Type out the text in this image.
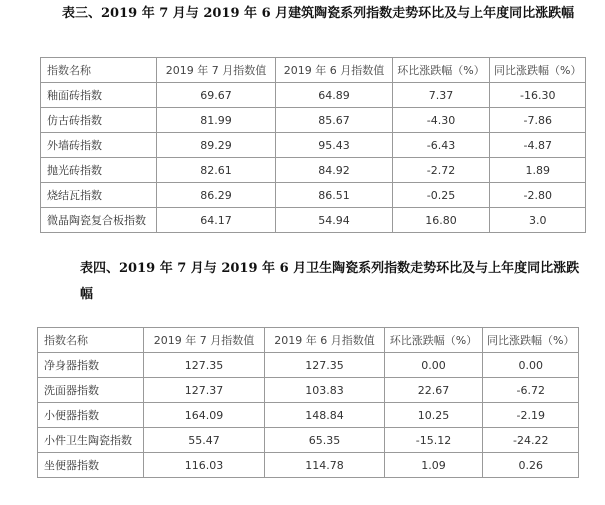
表三、2019 年 7 月与 2019 年 6 月建筑陶瓷系列指数走势环比及与上年度同比涨跌幅

指数名称	2019 年 7 月指数值	2019 年 6 月指数值	环比涨跌幅（%）	同比涨跌幅（%）
釉面砖指数	69.67	64.89	7.37	-16.30
仿古砖指数	81.99	85.67	-4.30	-7.86
外墙砖指数	89.29	95.43	-6.43	-4.87
抛光砖指数	82.61	84.92	-2.72	1.89
烧结瓦指数	86.29	86.51	-0.25	-2.80
微晶陶瓷复合板指数	64.17	54.94	16.80	3.0

表四、2019 年 7 月与 2019 年 6 月卫生陶瓷系列指数走势环比及与上年度同比涨跌幅

指数名称	2019 年 7 月指数值	2019 年 6 月指数值	环比涨跌幅（%）	同比涨跌幅（%）
净身器指数	127.35	127.35	0.00	0.00
洗面器指数	127.37	103.83	22.67	-6.72
小便器指数	164.09	148.84	10.25	-2.19
小件卫生陶瓷指数	55.47	65.35	-15.12	-24.22
坐便器指数	116.03	114.78	1.09	0.26
